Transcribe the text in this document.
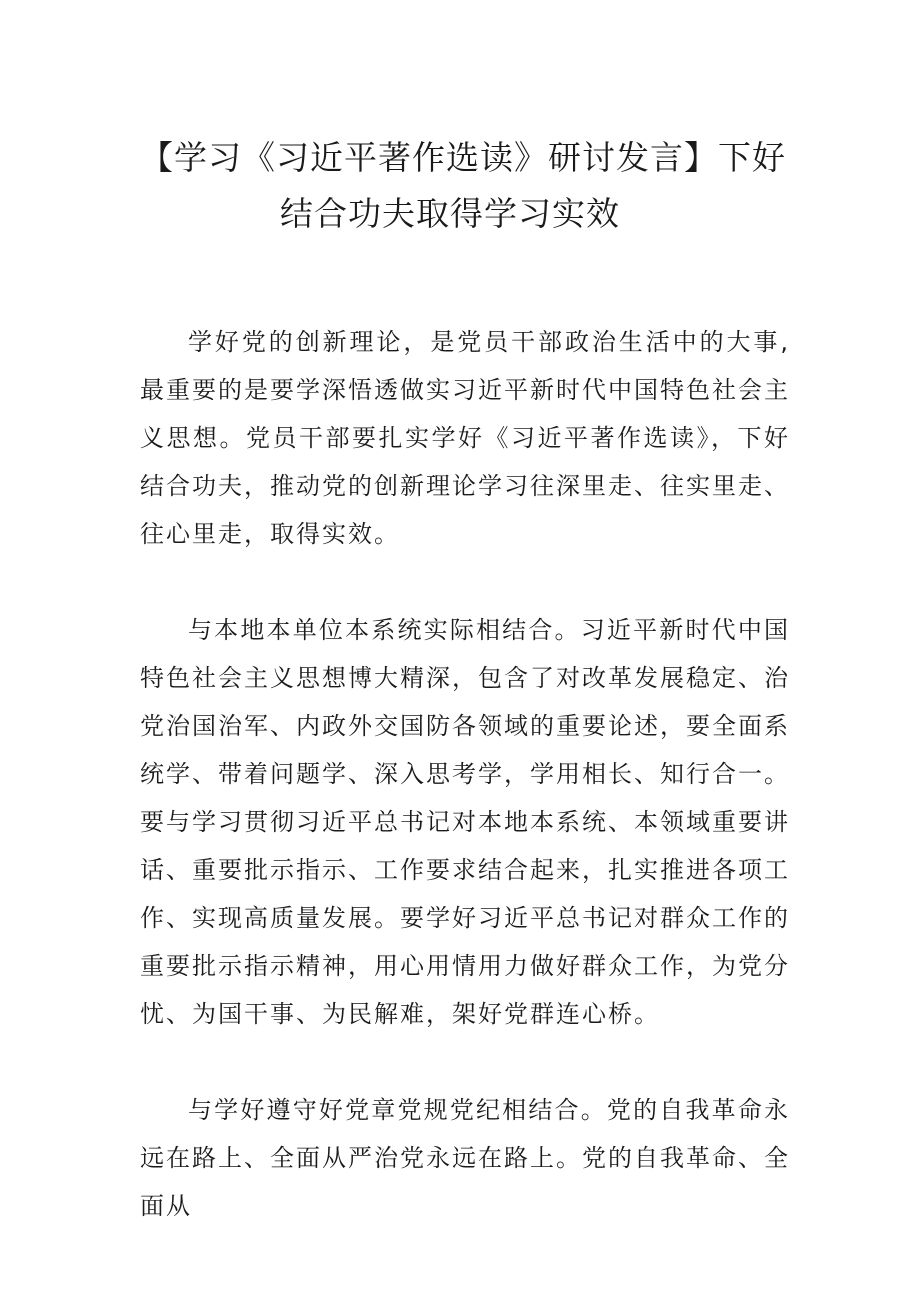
【学习《习近平著作选读》研讨发言】下好
结合功夫取得学习实效

学好党的创新理论，是党员干部政治生活中的大事,最重要的是要学深悟透做实习近平新时代中国特色社会主义思想。党员干部要扎实学好《习近平著作选读》，下好结合功夫，推动党的创新理论学习往深里走、往实里走、往心里走，取得实效。

与本地本单位本系统实际相结合。习近平新时代中国特色社会主义思想博大精深，包含了对改革发展稳定、治党治国治军、内政外交国防各领域的重要论述，要全面系统学、带着问题学、深入思考学，学用相长、知行合一。要与学习贯彻习近平总书记对本地本系统、本领域重要讲话、重要批示指示、工作要求结合起来，扎实推进各项工作、实现高质量发展。要学好习近平总书记对群众工作的重要批示指示精神，用心用情用力做好群众工作，为党分忧、为国干事、为民解难，架好党群连心桥。

与学好遵守好党章党规党纪相结合。党的自我革命永远在路上、全面从严治党永远在路上。党的自我革命、全面从
